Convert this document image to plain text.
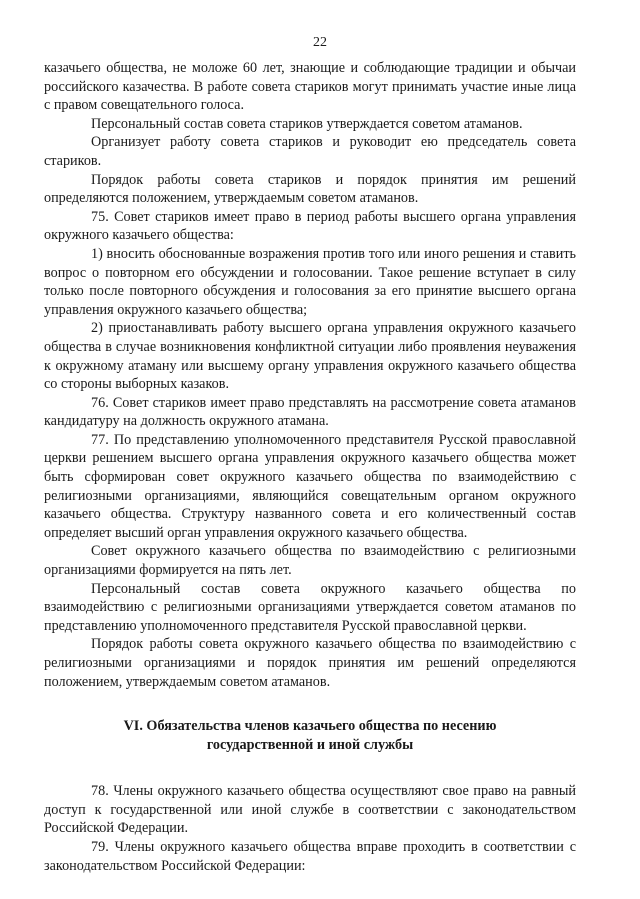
22

казачьего общества, не моложе 60 лет, знающие и соблюдающие традиции и обычаи российского казачества. В работе совета стариков могут принимать участие иные лица с правом совещательного голоса.

Персональный состав совета стариков утверждается советом атаманов.

Организует работу совета стариков и руководит ею председатель совета стариков.

Порядок работы совета стариков и порядок принятия им решений определяются положением, утверждаемым советом атаманов.

75. Совет стариков имеет право в период работы высшего органа управления окружного казачьего общества:

1) вносить обоснованные возражения против того или иного решения и ставить вопрос о повторном его обсуждении и голосовании. Такое решение вступает в силу только после повторного обсуждения и голосования за его принятие высшего органа управления окружного казачьего общества;

2) приостанавливать работу высшего органа управления окружного казачьего общества в случае возникновения конфликтной ситуации либо проявления неуважения к окружному атаману или высшему органу управления окружного казачьего общества со стороны выборных казаков.

76. Совет стариков имеет право представлять на рассмотрение совета атаманов кандидатуру на должность окружного атамана.

77. По представлению уполномоченного представителя Русской православной церкви решением высшего органа управления окружного казачьего общества может быть сформирован совет окружного казачьего общества по взаимодействию с религиозными организациями, являющийся совещательным органом окружного казачьего общества. Структуру названного совета и его количественный состав определяет высший орган управления окружного казачьего общества.

Совет окружного казачьего общества по взаимодействию с религиозными организациями формируется на пять лет.

Персональный состав совета окружного казачьего общества по взаимодействию с религиозными организациями утверждается советом атаманов по представлению уполномоченного представителя Русской православной церкви.

Порядок работы совета окружного казачьего общества по взаимодействию с религиозными организациями и порядок принятия им решений определяются положением, утверждаемым советом атаманов.

VI. Обязательства членов казачьего общества по несению государственной и иной службы

78. Члены окружного казачьего общества осуществляют свое право на равный доступ к государственной или иной службе в соответствии с законодательством Российской Федерации.

79. Члены окружного казачьего общества вправе проходить в соответствии с законодательством Российской Федерации:
